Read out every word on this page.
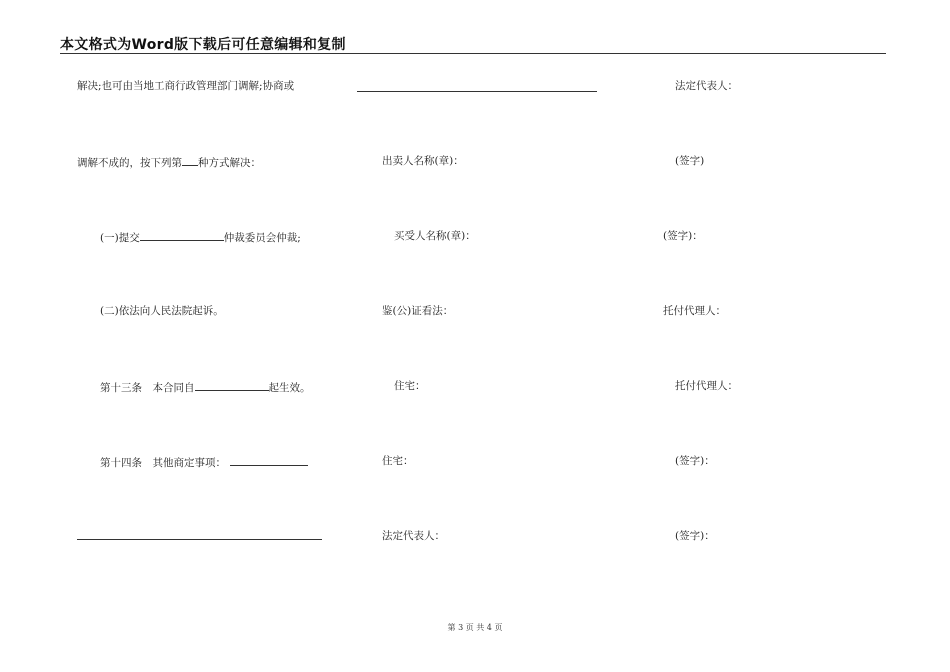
本文格式为Word版下载后可任意编辑和复制
解决;也可由当地工商行政管理部门调解;协商或
调解不成的，按下列第 种方式解决：
(一)提交	仲裁委员会仲裁;
(二)依法向人民法院起诉。
第十三条　本合同自	起生效。
第十四条　其他商定事项：
出卖人名称(章)：
买受人名称(章)：
鉴(公)证看法：
住宅：
住宅：
法定代表人：
法定代表人：
(签字)
(签字)：
托付代理人：
托付代理人：
(签字)：
(签字)：
第 3 页 共 4 页
